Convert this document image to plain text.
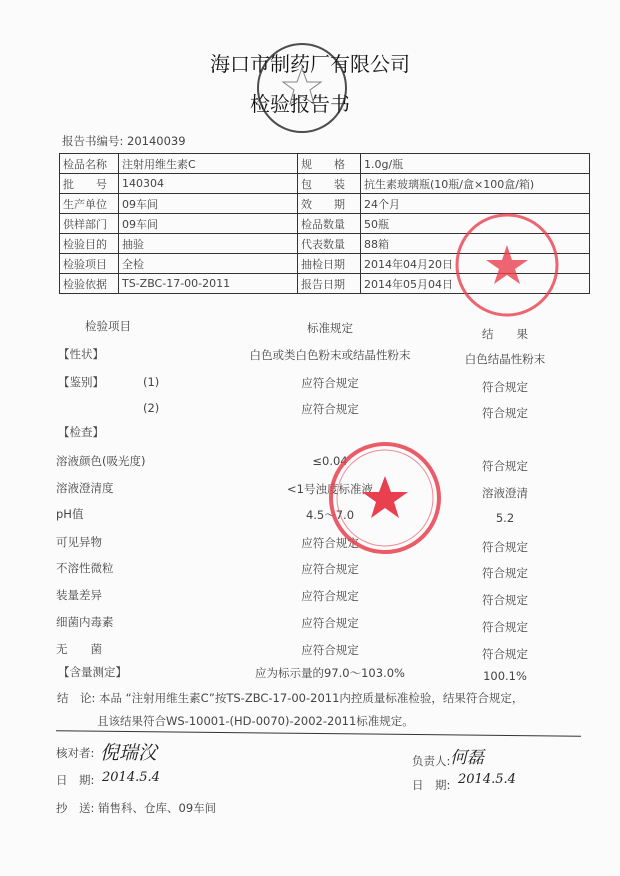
海口市制药厂有限公司
检验报告书
报告书编号: 20140039
检品名称	注射用维生素C	规　　格	1.0g/瓶
批　　号	140304	包　　装	抗生素玻璃瓶(10瓶/盒×100盒/箱)
生产单位	09车间	效　　期	24个月
供样部门	09车间	检品数量	50瓶
检验目的	抽验	代表数量	88箱
检验项目	全检	抽检日期	2014年04月20日
检验依据	TS-ZBC-17-00-2011	报告日期	2014年05月04日
检验项目	标准规定	结　　果
【性状】	白色或类白色粉末或结晶性粉末	白色结晶性粉末
【鉴别】	(1)	应符合规定	符合规定
(2)	应符合规定	符合规定
【检查】
溶液颜色(吸光度)	≤0.04	符合规定
溶液澄清度	<1号浊度标准液	溶液澄清
pH值	4.5～7.0	5.2
可见异物	应符合规定	符合规定
不溶性微粒	应符合规定	符合规定
装量差异	应符合规定	符合规定
细菌内毒素	应符合规定	符合规定
无　　菌	应符合规定	符合规定
【含量测定】	应为标示量的97.0～103.0%	100.1%
结　论: 本品 “注射用维生素C”按TS-ZBC-17-00-2011内控质量标准检验，结果符合规定，
且该结果符合WS-10001-(HD-0070)-2002-2011标准规定。
核对者: 倪瑞㳇
日　期: 2014.5.4
抄　送: 销售科、仓库、09车间
负责人: 何磊
日　期: 2014.5.4
